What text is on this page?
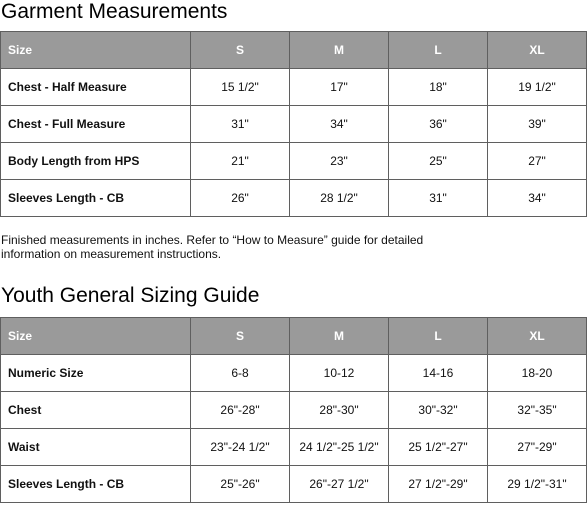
Garment Measurements
Size	S	M	L	XL
Chest - Half Measure	15 1/2"	17"	18"	19 1/2"
Chest - Full Measure	31"	34"	36"	39"
Body Length from HPS	21"	23"	25"	27"
Sleeves Length - CB	26"	28 1/2"	31"	34"

Finished measurements in inches. Refer to “How to Measure” guide for detailed information on measurement instructions.

Youth General Sizing Guide
Size	S	M	L	XL
Numeric Size	6-8	10-12	14-16	18-20
Chest	26"-28"	28"-30"	30"-32"	32"-35"
Waist	23"-24 1/2"	24 1/2"-25 1/2"	25 1/2"-27"	27"-29"
Sleeves Length - CB	25"-26"	26"-27 1/2"	27 1/2"-29"	29 1/2"-31"
